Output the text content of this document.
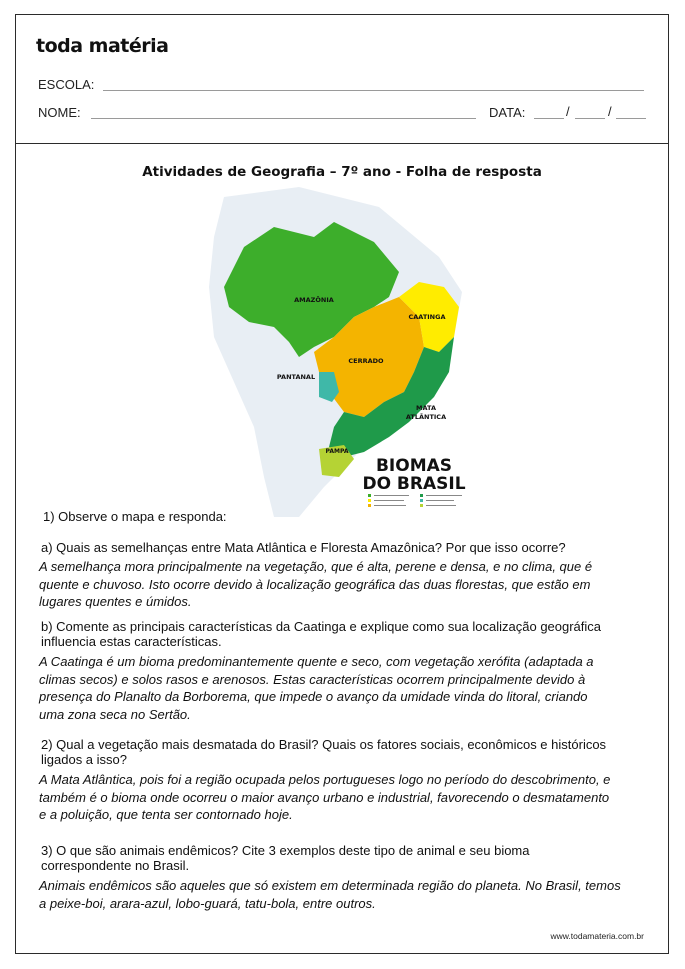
toda matéria
ESCOLA:
NOME:	DATA:	/	/
Atividades de Geografia – 7º ano - Folha de resposta
AMAZÔNIA
CAATINGA
CERRADO
PANTANAL
MATA
ATLÂNTICA
PAMPA
BIOMAS
DO BRASIL
1) Observe o mapa e responda:
a) Quais as semelhanças entre Mata Atlântica e Floresta Amazônica? Por que isso ocorre?
A semelhança mora principalmente na vegetação, que é alta, perene e densa, e no clima, que é
quente e chuvoso. Isto ocorre devido à localização geográfica das duas florestas, que estão em
lugares quentes e úmidos.
b) Comente as principais características da Caatinga e explique como sua localização geográfica
influencia estas características.
A Caatinga é um bioma predominantemente quente e seco, com vegetação xerófita (adaptada a
climas secos) e solos rasos e arenosos. Estas características ocorrem principalmente devido à
presença do Planalto da Borborema, que impede o avanço da umidade vinda do litoral, criando
uma zona seca no Sertão.
2) Qual a vegetação mais desmatada do Brasil? Quais os fatores sociais, econômicos e históricos
ligados a isso?
A Mata Atlântica, pois foi a região ocupada pelos portugueses logo no período do descobrimento, e
também é o bioma onde ocorreu o maior avanço urbano e industrial, favorecendo o desmatamento
e a poluição, que tenta ser contornado hoje.
3) O que são animais endêmicos? Cite 3 exemplos deste tipo de animal e seu bioma
correspondente no Brasil.
Animais endêmicos são aqueles que só existem em determinada região do planeta. No Brasil, temos
a peixe-boi, arara-azul, lobo-guará, tatu-bola, entre outros.
www.todamateria.com.br
